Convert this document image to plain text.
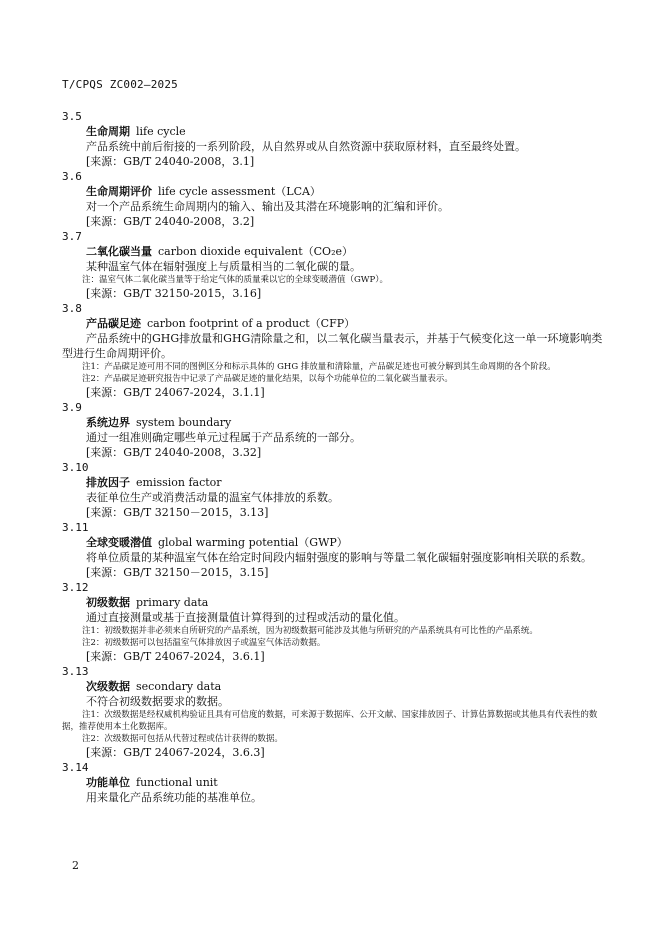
T/CPQS ZC002—2025
3.5
生命周期 life cycle
产品系统中前后衔接的一系列阶段，从自然界或从自然资源中获取原材料，直至最终处置。
[来源：GB/T 24040-2008，3.1]
3.6
生命周期评价 life cycle assessment（LCA）
对一个产品系统生命周期内的输入、输出及其潜在环境影响的汇编和评价。
[来源：GB/T 24040-2008，3.2]
3.7
二氧化碳当量 carbon dioxide equivalent（CO₂e）
某种温室气体在辐射强度上与质量相当的二氧化碳的量。
注：温室气体二氧化碳当量等于给定气体的质量乘以它的全球变暖潜值（GWP）。
[来源：GB/T 32150-2015，3.16]
3.8
产品碳足迹 carbon footprint of a product（CFP）
产品系统中的GHG排放量和GHG清除量之和，以二氧化碳当量表示，并基于气候变化这一单一环境影响类型进行生命周期评价。
注1：产品碳足迹可用不同的图例区分和标示具体的 GHG 排放量和清除量，产品碳足迹也可被分解到其生命周期的各个阶段。
注2：产品碳足迹研究报告中记录了产品碳足迹的量化结果，以每个功能单位的二氧化碳当量表示。
[来源：GB/T 24067-2024，3.1.1]
3.9
系统边界 system boundary
通过一组准则确定哪些单元过程属于产品系统的一部分。
[来源：GB/T 24040-2008，3.32]
3.10
排放因子 emission factor
表征单位生产或消费活动量的温室气体排放的系数。
[来源：GB/T 32150－2015，3.13]
3.11
全球变暖潜值 global warming potential（GWP）
将单位质量的某种温室气体在给定时间段内辐射强度的影响与等量二氧化碳辐射强度影响相关联的系数。
[来源：GB/T 32150－2015，3.15]
3.12
初级数据 primary data
通过直接测量或基于直接测量值计算得到的过程或活动的量化值。
注1：初级数据并非必须来自所研究的产品系统，因为初级数据可能涉及其他与所研究的产品系统具有可比性的产品系统。
注2：初级数据可以包括温室气体排放因子或温室气体活动数据。
[来源：GB/T 24067-2024，3.6.1]
3.13
次级数据 secondary data
不符合初级数据要求的数据。
注1：次级数据是经权威机构验证且具有可信度的数据，可来源于数据库、公开文献、国家排放因子、计算估算数据或其他具有代表性的数据，推荐使用本土化数据库。
注2：次级数据可包括从代替过程或估计获得的数据。
[来源：GB/T 24067-2024，3.6.3]
3.14
功能单位 functional unit
用来量化产品系统功能的基准单位。
2
